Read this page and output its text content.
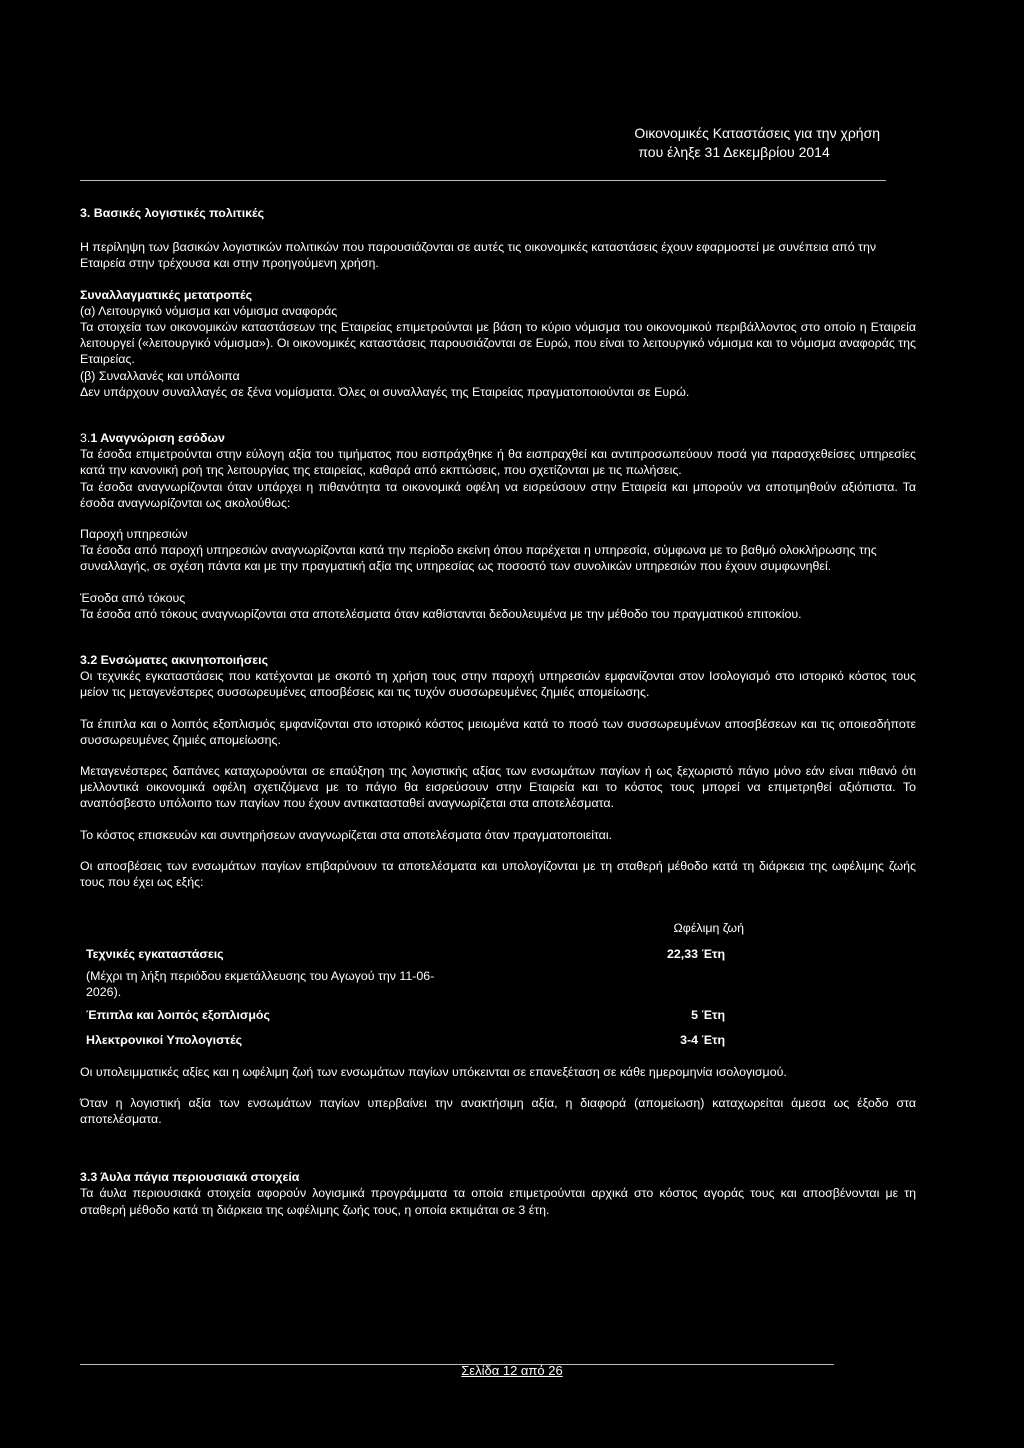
Οικονομικές Καταστάσεις για την χρήση
που έληξε 31 Δεκεμβρίου 2014

3. Βασικές λογιστικές πολιτικές

Η περίληψη των βασικών λογιστικών πολιτικών που παρουσιάζονται σε αυτές τις οικονομικές καταστάσεις έχουν εφαρμοστεί με συνέπεια από την Εταιρεία στην τρέχουσα και στην προηγούμενη χρήση.

Συναλλαγματικές μετατροπές

(α) Λειτουργικό νόμισμα και νόμισμα αναφοράς

Τα στοιχεία των οικονομικών καταστάσεων της Εταιρείας επιμετρούνται με βάση το κύριο νόμισμα του οικονομικού περιβάλλοντος στο οποίο η Εταιρεία λειτουργεί («λειτουργικό νόμισμα»). Οι οικονομικές καταστάσεις παρουσιάζονται σε Ευρώ, που είναι το λειτουργικό νόμισμα και το νόμισμα αναφοράς της Εταιρείας.

(β) Συναλλανές και υπόλοιπα

Δεν υπάρχουν συναλλαγές σε ξένα νομίσματα. Όλες οι συναλλαγές της Εταιρείας πραγματοποιούνται σε Ευρώ.

3.1 Αναγνώριση εσόδων

Τα έσοδα επιμετρούνται στην εύλογη αξία του τιμήματος που εισπράχθηκε ή θα εισπραχθεί και αντιπροσωπεύουν ποσά για παρασχεθείσες υπηρεσίες κατά την κανονική ροή της λειτουργίας της εταιρείας, καθαρά από εκπτώσεις, που σχετίζονται με τις πωλήσεις.

Τα έσοδα αναγνωρίζονται όταν υπάρχει η πιθανότητα τα οικονομικά οφέλη να εισρεύσουν στην Εταιρεία και μπορούν να αποτιμηθούν αξιόπιστα. Τα έσοδα αναγνωρίζονται ως ακολούθως:

Παροχή υπηρεσιών

Τα έσοδα από παροχή υπηρεσιών αναγνωρίζονται κατά την περίοδο εκείνη όπου παρέχεται η υπηρεσία, σύμφωνα με το βαθμό ολοκλήρωσης της συναλλαγής, σε σχέση πάντα και με την πραγματική αξία της υπηρεσίας ως ποσοστό των συνολικών υπηρεσιών που έχουν συμφωνηθεί.

Έσοδα από τόκους

Τα έσοδα από τόκους αναγνωρίζονται στα αποτελέσματα όταν καθίστανται δεδουλευμένα με την μέθοδο του πραγματικού επιτοκίου.

3.2 Ενσώματες ακινητοποιήσεις

Οι τεχνικές εγκαταστάσεις που κατέχονται με σκοπό τη χρήση τους στην παροχή υπηρεσιών εμφανίζονται στον Ισολογισμό στο ιστορικό κόστος τους μείον τις μεταγενέστερες συσσωρευμένες αποσβέσεις και τις τυχόν συσσωρευμένες ζημιές απομείωσης.

Τα έπιπλα και ο λοιπός εξοπλισμός εμφανίζονται στο ιστορικό κόστος μειωμένα κατά το ποσό των συσσωρευμένων αποσβέσεων και τις οποιεσδήποτε συσσωρευμένες ζημιές απομείωσης.

Μεταγενέστερες δαπάνες καταχωρούνται σε επαύξηση της λογιστικής αξίας των ενσωμάτων παγίων ή ως ξεχωριστό πάγιο μόνο εάν είναι πιθανό ότι μελλοντικά οικονομικά οφέλη σχετιζόμενα με το πάγιο θα εισρεύσουν στην Εταιρεία και το κόστος τους μπορεί να επιμετρηθεί αξιόπιστα. Το αναπόσβεστο υπόλοιπο των παγίων που έχουν αντικατασταθεί αναγνωρίζεται στα αποτελέσματα.

Το κόστος επισκευών και συντηρήσεων αναγνωρίζεται στα αποτελέσματα όταν πραγματοποιείται.

Οι αποσβέσεις των ενσωμάτων παγίων επιβαρύνουν τα αποτελέσματα και υπολογίζονται με τη σταθερή μέθοδο κατά τη διάρκεια της ωφέλιμης ζωής τους που έχει ως εξής:

	Ωφέλιμη ζωή	
Τεχνικές εγκαταστάσεις	22,33	Έτη

(Μέχρι τη λήξη περιόδου εκμετάλλευσης του Αγωγού την 11-06-2026).		

Έπιπλα και λοιπός εξοπλισμός	5	Έτη
Ηλεκτρονικοί Υπολογιστές	3-4	Έτη

Οι υπολειμματικές αξίες και η ωφέλιμη ζωή των ενσωμάτων παγίων υπόκεινται σε επανεξέταση σε κάθε ημερομηνία ισολογισμού.

Όταν η λογιστική αξία των ενσωμάτων παγίων υπερβαίνει την ανακτήσιμη αξία, η διαφορά (απομείωση) καταχωρείται άμεσα ως έξοδο στα αποτελέσματα.

3.3 Άυλα πάγια περιουσιακά στοιχεία

Τα άυλα περιουσιακά στοιχεία αφορούν λογισμικά προγράμματα τα οποία επιμετρούνται αρχικά στο κόστος αγοράς τους και αποσβένονται με τη σταθερή μέθοδο κατά τη διάρκεια της ωφέλιμης ζωής τους, η οποία εκτιμάται σε 3 έτη.

Σελίδα 12 από 26
